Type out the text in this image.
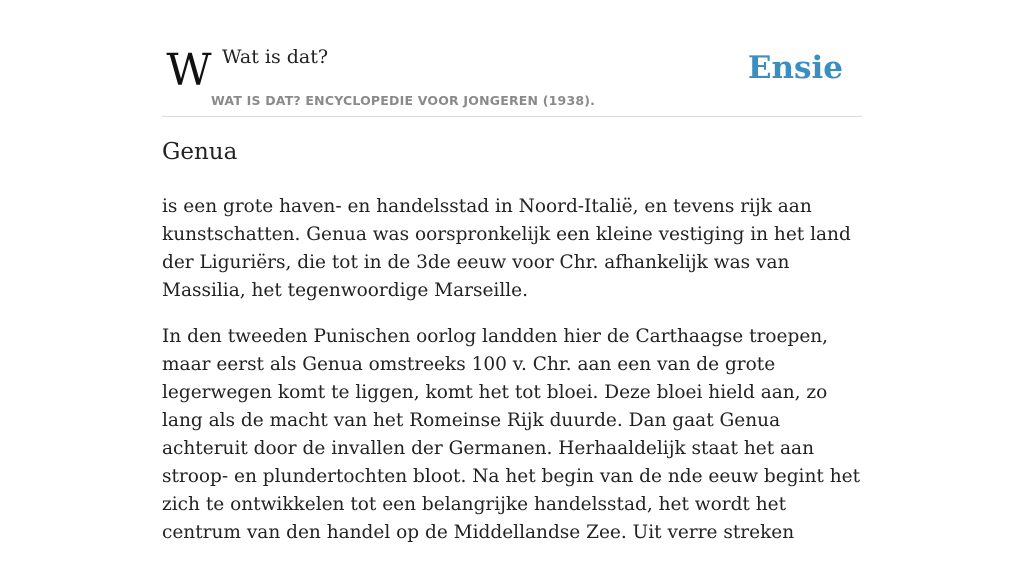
W Wat is dat?
WAT IS DAT? ENCYCLOPEDIE VOOR JONGEREN (1938).
Ensie
Genua

is een grote haven- en handelsstad in Noord-Italië, en tevens rijk aan kunstschatten. Genua was oorspronkelijk een kleine vestiging in het land der Liguriërs, die tot in de 3de eeuw voor Chr. afhankelijk was van Massilia, het tegenwoordige Marseille.

In den tweeden Punischen oorlog landden hier de Carthaagse troepen, maar eerst als Genua omstreeks 100 v. Chr. aan een van de grote legerwegen komt te liggen, komt het tot bloei. Deze bloei hield aan, zo lang als de macht van het Romeinse Rijk duurde. Dan gaat Genua achteruit door de invallen der Germanen. Herhaaldelijk staat het aan stroop- en plundertochten bloot. Na het begin van de nde eeuw begint het zich te ontwikkelen tot een belangrijke handelsstad, het wordt het centrum van den handel op de Middellandse Zee. Uit verre streken
